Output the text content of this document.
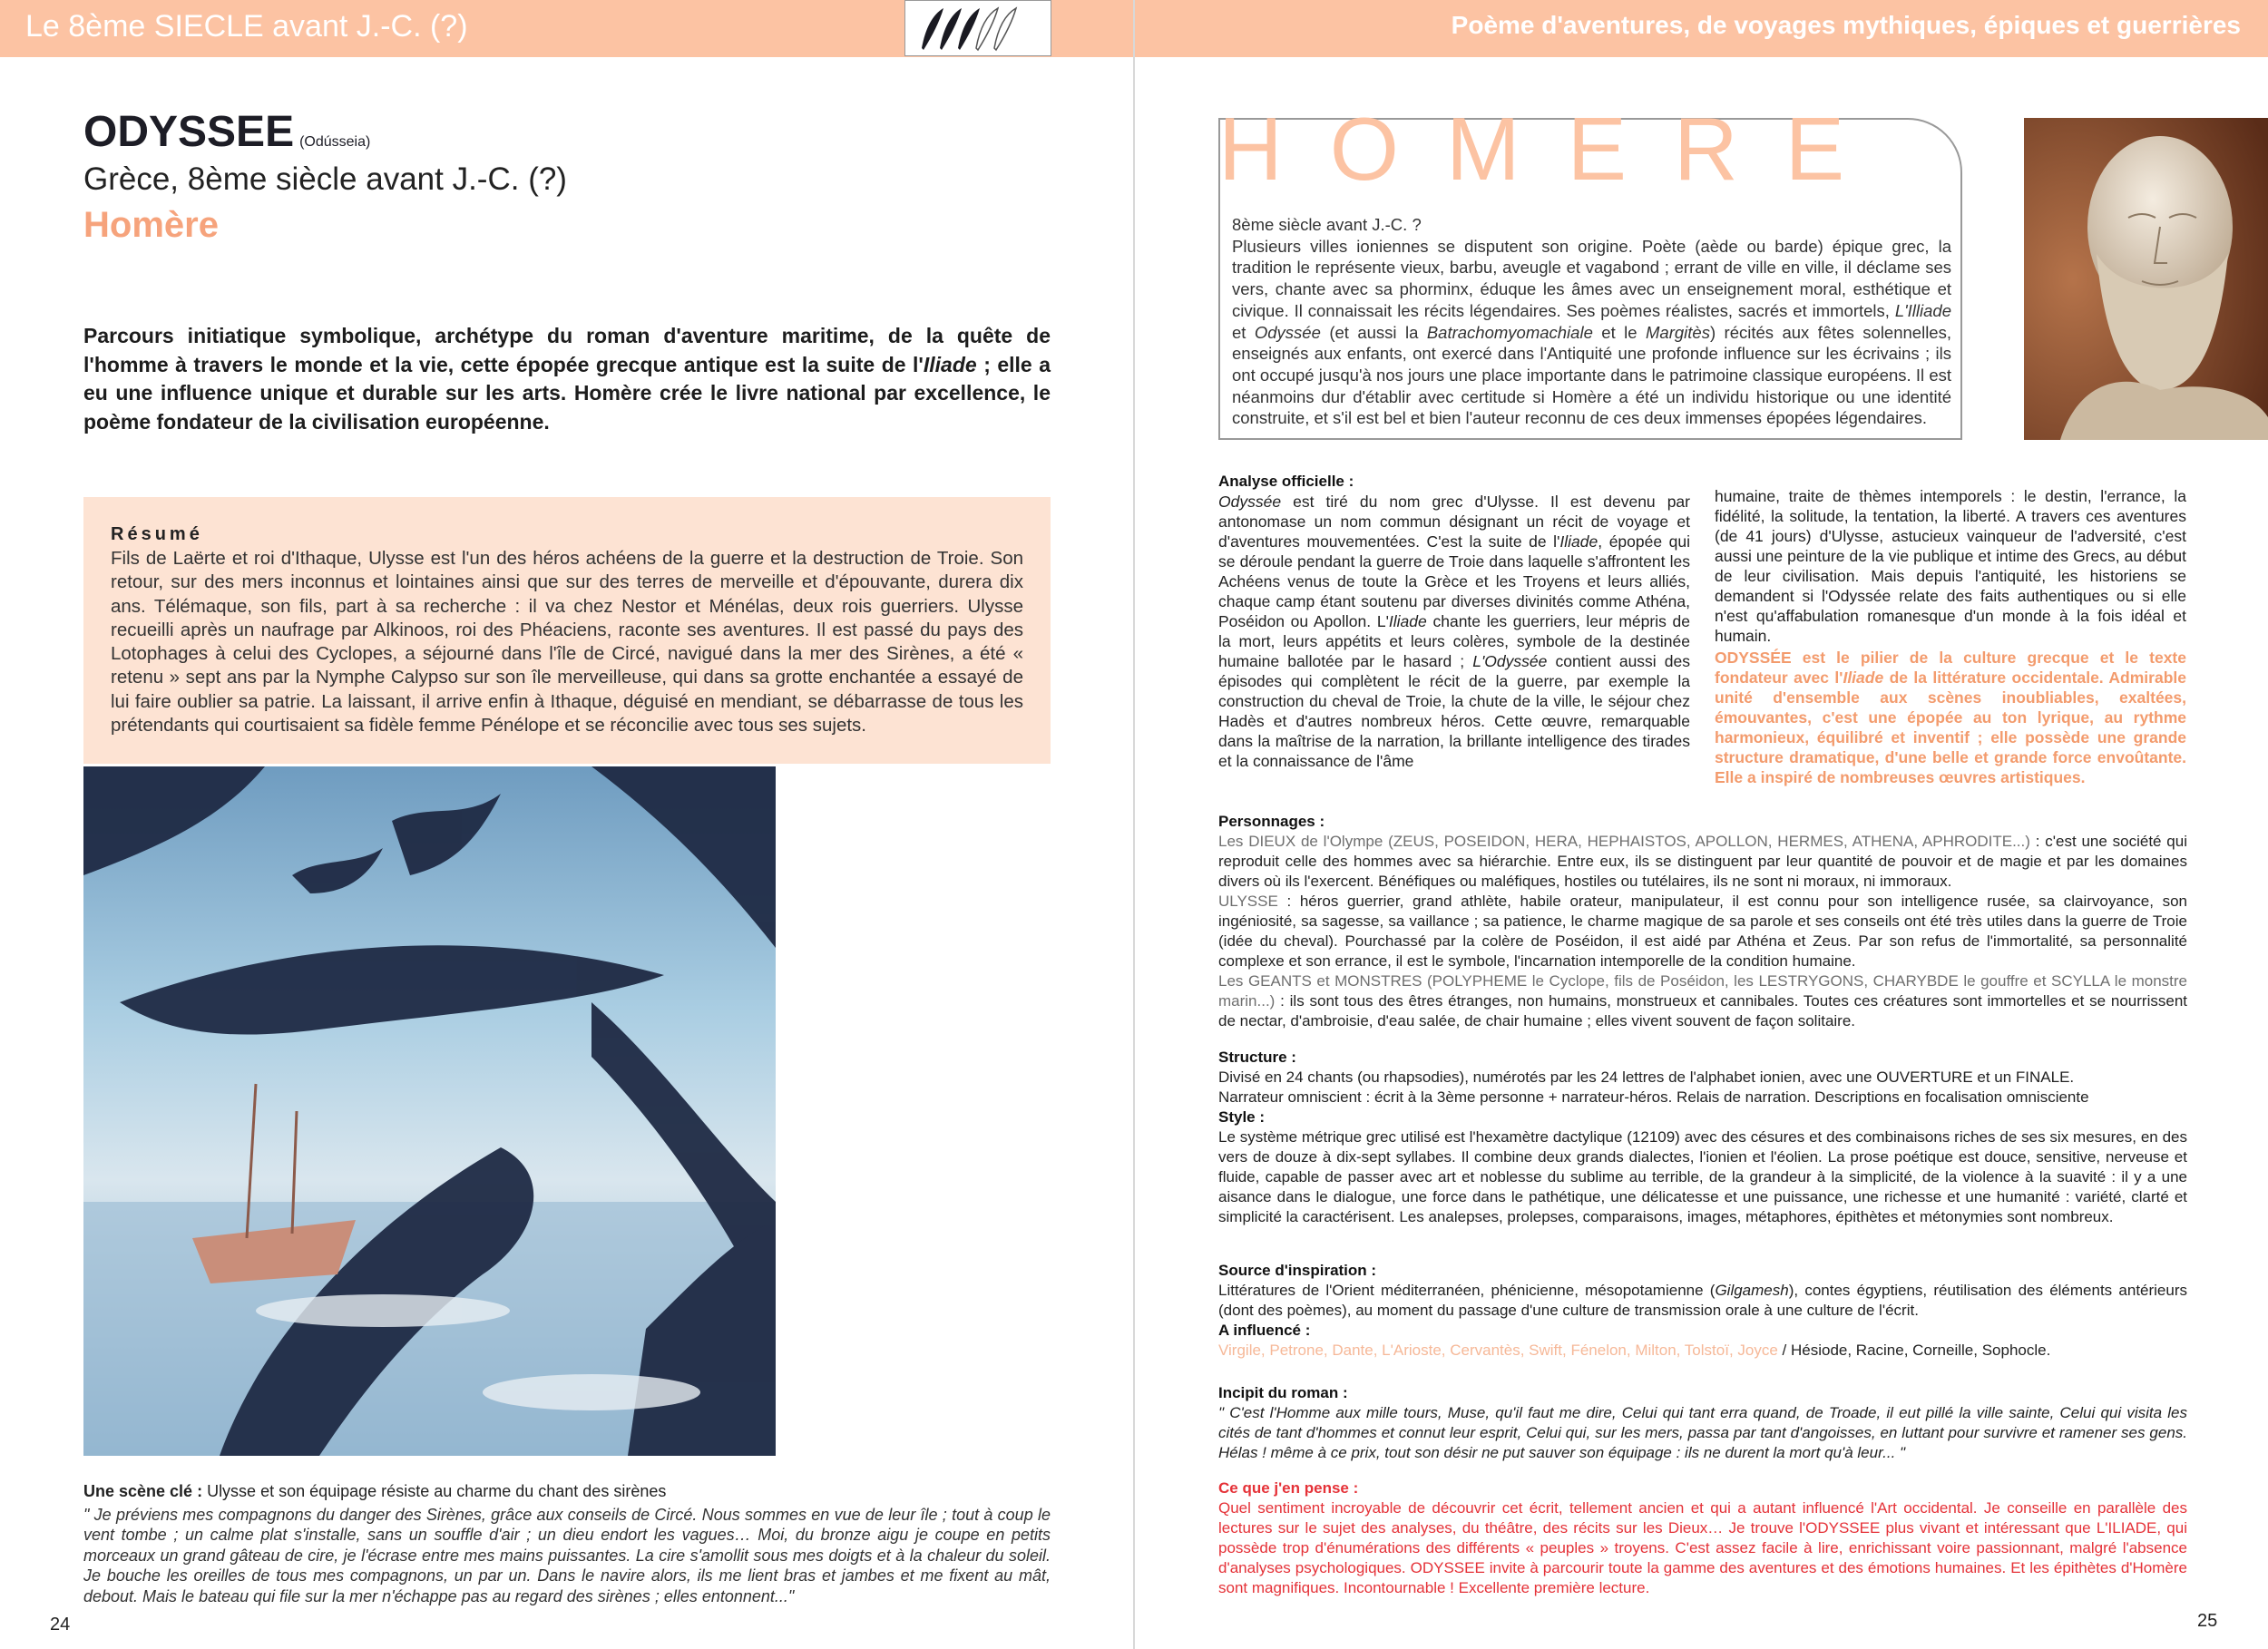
Le 8ème SIECLE avant J.-C. (?)	Poème d'aventures, de voyages mythiques, épiques et guerrières
ODYSSEE (Odússeia)
Grèce, 8ème siècle avant J.-C. (?)
Homère
Parcours initiatique symbolique, archétype du roman d'aventure maritime, de la quête de l'homme à travers le monde et la vie, cette épopée grecque antique est la suite de l'Iliade ; elle a eu une influence unique et durable sur les arts. Homère crée le livre national par excellence, le poème fondateur de la civilisation européenne.
Résumé

Fils de Laërte et roi d'Ithaque, Ulysse est l'un des héros achéens de la guerre et la destruction de Troie. Son retour, sur des mers inconnus et lointaines ainsi que sur des terres de merveille et d'épouvante, durera dix ans. Télémaque, son fils, part à sa recherche : il va chez Nestor et Ménélas, deux rois guerriers. Ulysse recueilli après un naufrage par Alkinoos, roi des Phéaciens, raconte ses aventures. Il est passé du pays des Lotophages à celui des Cyclopes, a séjourné dans l'île de Circé, navigué dans la mer des Sirènes, a été « retenu » sept ans par la Nymphe Calypso sur son île merveilleuse, qui dans sa grotte enchantée a essayé de lui faire oublier sa patrie. La laissant, il arrive enfin à Ithaque, déguisé en mendiant, se débarrasse de tous les prétendants qui courtisaient sa fidèle femme Pénélope et se réconcilie avec tous ses sujets.

Une scène clé : Ulysse et son équipage résiste au charme du chant des sirènes

" Je préviens mes compagnons du danger des Sirènes, grâce aux conseils de Circé. Nous sommes en vue de leur île ; tout à coup le vent tombe ; un calme plat s'installe, sans un souffle d'air ; un dieu endort les vagues… Moi, du bronze aigu je coupe en petits morceaux un grand gâteau de cire, je l'écrase entre mes mains puissantes. La cire s'amollit sous mes doigts et à la chaleur du soleil. Je bouche les oreilles de tous mes compagnons, un par un. Dans le navire alors, ils me lient bras et jambes et me fixent au mât, debout. Mais le bateau qui file sur la mer n'échappe pas au regard des sirènes ; elles entonnent..."

24
HOMERE
8ème siècle avant J.-C. ?
Plusieurs villes ioniennes se disputent son origine. Poète (aède ou barde) épique grec, la tradition le représente vieux, barbu, aveugle et vagabond ; errant de ville en ville, il déclame ses vers, chante avec sa phorminx, éduque les âmes avec un enseignement moral, esthétique et civique. Il connaissait les récits légendaires. Ses poèmes réalistes, sacrés et immortels, L'Illiade et Odyssée (et aussi la Batrachomyomachiale et le Margitès) récités aux fêtes solennelles, enseignés aux enfants, ont exercé dans l'Antiquité une profonde influence sur les écrivains ; ils ont occupé jusqu'à nos jours une place importante dans le patrimoine classique européens. Il est néanmoins dur d'établir avec certitude si Homère a été un individu historique ou une identité construite, et s'il est bel et bien l'auteur reconnu de ces deux immenses épopées légendaires.
Analyse officielle :
Odyssée est tiré du nom grec d'Ulysse. Il est devenu par antonomase un nom commun désignant un récit de voyage et d'aventures mouvementées. C'est la suite de l'Iliade, épopée qui se déroule pendant la guerre de Troie dans laquelle s'affrontent les Achéens venus de toute la Grèce et les Troyens et leurs alliés, chaque camp étant soutenu par diverses divinités comme Athéna, Poséidon ou Apollon. L'Iliade chante les guerriers, leur mépris de la mort, leurs appétits et leurs colères, symbole de la destinée humaine ballotée par le hasard ; L'Odyssée contient aussi des épisodes qui complètent le récit de la guerre, par exemple la construction du cheval de Troie, la chute de la ville, le séjour chez Hadès et d'autres nombreux héros. Cette œuvre, remarquable dans la maîtrise de la narration, la brillante intelligence des tirades et la connaissance de l'âme

humaine, traite de thèmes intemporels : le destin, l'errance, la fidélité, la solitude, la tentation, la liberté. A travers ces aventures (de 41 jours) d'Ulysse, astucieux vainqueur de l'adversité, c'est aussi une peinture de la vie publique et intime des Grecs, au début de leur civilisation. Mais depuis l'antiquité, les historiens se demandent si l'Odyssée relate des faits authentiques ou si elle n'est qu'affabulation romanesque d'un monde à la fois idéal et humain.

ODYSSÉE est le pilier de la culture grecque et le texte fondateur avec l'Iliade de la littérature occidentale. Admirable unité d'ensemble aux scènes inoubliables, exaltées, émouvantes, c'est une épopée au ton lyrique, au rythme harmonieux, équilibré et inventif ; elle possède une grande structure dramatique, d'une belle et grande force envoûtante. Elle a inspiré de nombreuses œuvres artistiques.

Personnages :

Les DIEUX de l'Olympe (ZEUS, POSEIDON, HERA, HEPHAISTOS, APOLLON, HERMES, ATHENA, APHRODITE...) : c'est une société qui reproduit celle des hommes avec sa hiérarchie. Entre eux, ils se distinguent par leur quantité de pouvoir et de magie et par les domaines divers où ils l'exercent. Bénéfiques ou maléfiques, hostiles ou tutélaires, ils ne sont ni moraux, ni immoraux.

ULYSSE : héros guerrier, grand athlète, habile orateur, manipulateur, il est connu pour son intelligence rusée, sa clairvoyance, son ingéniosité, sa sagesse, sa vaillance ; sa patience, le charme magique de sa parole et ses conseils ont été très utiles dans la guerre de Troie (idée du cheval). Pourchassé par la colère de Poséidon, il est aidé par Athéna et Zeus. Par son refus de l'immortalité, sa personnalité complexe et son errance, il est le symbole, l'incarnation intemporelle de la condition humaine.

Les GEANTS et MONSTRES (POLYPHEME le Cyclope, fils de Poséidon, les LESTRYGONS, CHARYBDE le gouffre et SCYLLA le monstre marin...) : ils sont tous des êtres étranges, non humains, monstrueux et cannibales. Toutes ces créatures sont immortelles et se nourrissent de nectar, d'ambroisie, d'eau salée, de chair humaine ; elles vivent souvent de façon solitaire.

Structure :

Divisé en 24 chants (ou rhapsodies), numérotés par les 24 lettres de l'alphabet ionien, avec une OUVERTURE et un FINALE.

Narrateur omniscient : écrit à la 3ème personne + narrateur-héros. Relais de narration. Descriptions en focalisation omnisciente

Style :

Le système métrique grec utilisé est l'hexamètre dactylique (12109) avec des césures et des combinaisons riches de ses six mesures, en des vers de douze à dix-sept syllabes. Il combine deux grands dialectes, l'ionien et l'éolien. La prose poétique est douce, sensitive, nerveuse et fluide, capable de passer avec art et noblesse du sublime au terrible, de la grandeur à la simplicité, de la violence à la suavité : il y a une aisance dans le dialogue, une force dans le pathétique, une délicatesse et une puissance, une richesse et une humanité : variété, clarté et simplicité la caractérisent. Les analepses, prolepses, comparaisons, images, métaphores, épithètes et métonymies sont nombreux.

Source d'inspiration :

Littératures de l'Orient méditerranéen, phénicienne, mésopotamienne (Gilgamesh), contes égyptiens, réutilisation des éléments antérieurs (dont des poèmes), au moment du passage d'une culture de transmission orale à une culture de l'écrit.

A influencé :

Virgile, Petrone, Dante, L'Arioste, Cervantès, Swift, Fénelon, Milton, Tolstoï, Joyce / Hésiode, Racine, Corneille, Sophocle.

Incipit du roman :

" C'est l'Homme aux mille tours, Muse, qu'il faut me dire, Celui qui tant erra quand, de Troade, il eut pillé la ville sainte, Celui qui visita les cités de tant d'hommes et connut leur esprit, Celui qui, sur les mers, passa par tant d'angoisses, en luttant pour survivre et ramener ses gens. Hélas ! même à ce prix, tout son désir ne put sauver son équipage : ils ne durent la mort qu'à leur... "

Ce que j'en pense :

Quel sentiment incroyable de découvrir cet écrit, tellement ancien et qui a autant influencé l'Art occidental. Je conseille en parallèle des lectures sur le sujet des analyses, du théâtre, des récits sur les Dieux… Je trouve l'ODYSSEE plus vivant et intéressant que L'ILIADE, qui possède trop d'énumérations des différents « peuples » troyens. C'est assez facile à lire, enrichissant voire passionnant, malgré l'absence d'analyses psychologiques. ODYSSEE invite à parcourir toute la gamme des aventures et des émotions humaines. Et les épithètes d'Homère sont magnifiques. Incontournable ! Excellente première lecture.

25
